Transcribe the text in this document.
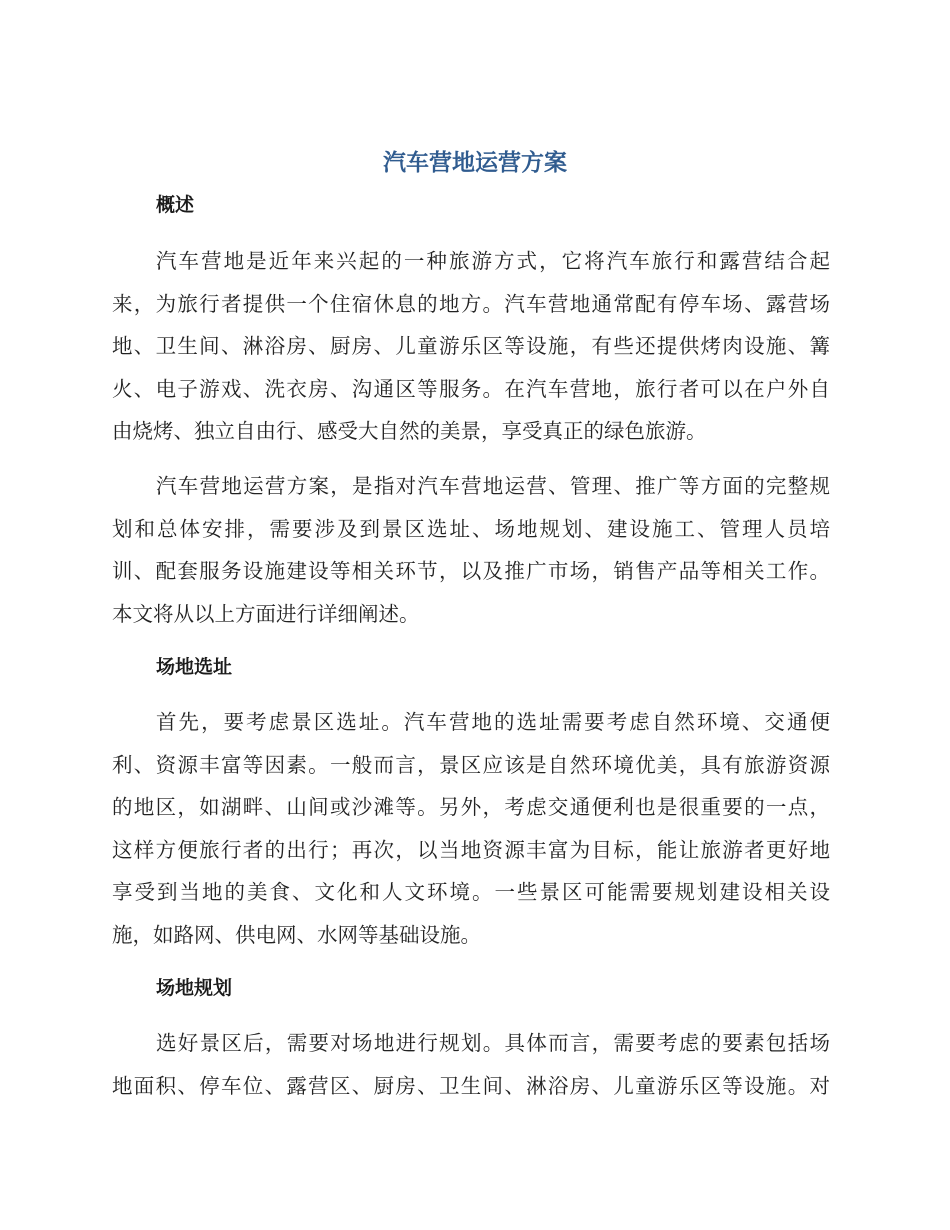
汽车营地运营方案
概述
汽车营地是近年来兴起的一种旅游方式，它将汽车旅行和露营结合起
来，为旅行者提供一个住宿休息的地方。汽车营地通常配有停车场、露营场
地、卫生间、淋浴房、厨房、儿童游乐区等设施，有些还提供烤肉设施、篝
火、电子游戏、洗衣房、沟通区等服务。在汽车营地，旅行者可以在户外自
由烧烤、独立自由行、感受大自然的美景，享受真正的绿色旅游。
汽车营地运营方案，是指对汽车营地运营、管理、推广等方面的完整规
划和总体安排，需要涉及到景区选址、场地规划、建设施工、管理人员培
训、配套服务设施建设等相关环节，以及推广市场，销售产品等相关工作。
本文将从以上方面进行详细阐述。
场地选址
首先，要考虑景区选址。汽车营地的选址需要考虑自然环境、交通便
利、资源丰富等因素。一般而言，景区应该是自然环境优美，具有旅游资源
的地区，如湖畔、山间或沙滩等。另外，考虑交通便利也是很重要的一点，
这样方便旅行者的出行；再次，以当地资源丰富为目标，能让旅游者更好地
享受到当地的美食、文化和人文环境。一些景区可能需要规划建设相关设
施，如路网、供电网、水网等基础设施。
场地规划
选好景区后，需要对场地进行规划。具体而言，需要考虑的要素包括场
地面积、停车位、露营区、厨房、卫生间、淋浴房、儿童游乐区等设施。对
